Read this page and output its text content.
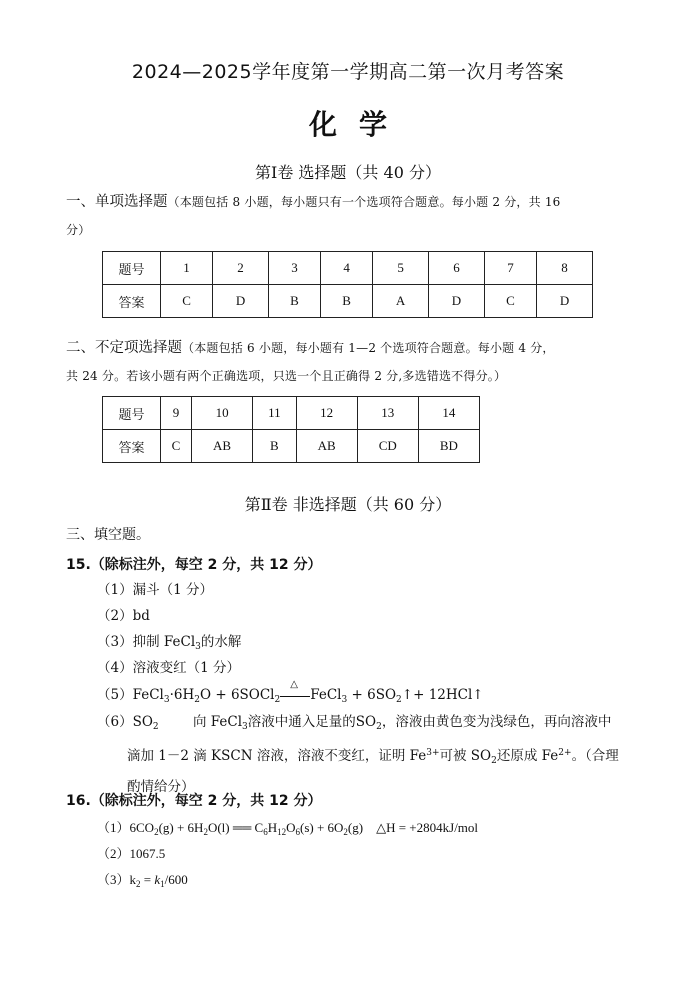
2024—2025学年度第一学期高二第一次月考答案
化学
第Ⅰ卷 选择题（共 40 分）
一、单项选择题（本题包括 8 小题，每小题只有一个选项符合题意。每小题 2 分，共 16
分）
题号	1	2	3	4	5	6	7	8
答案	C	D	B	B	A	D	C	D
二、不定项选择题（本题包括 6 小题，每小题有 1—2 个选项符合题意。每小题 4 分，
共 24 分。若该小题有两个正确选项，只选一个且正确得 2 分,多选错选不得分。）
题号	9	10	11	12	13	14
答案	C	AB	B	AB	CD	BD
第Ⅱ卷 非选择题（共 60 分）
三、填空题。
15.（除标注外，每空 2 分，共 12 分）
（1）漏斗（1 分）
（2）bd
（3）抑制 FeCl$_3$的水解
（4）溶液变红（1 分）
$(5)FeCl_3\cdot 6H_2O$ + 6SOCl$_2$
△
FeCl$_3$ + $6SO_2↑+$ 12HCl↑
$(6)SO_2$	向 FeCl$_3$溶液中通入足量的$SO_2$，溶液由黄色变为浅绿色，再向溶液中
滴加 1－2 滴 KSCN 溶液，溶液不变红，证明 $Fe^{3+}$可被 $SO_2$还原成 $Fe^{2+}$。（合理
酌情给分）
16.（除标注外，每空 2 分，共 12 分）
$(1)6CO_2(g) + 6H_2O(l)$ ══ $C_6H_{12}O_6(s) + 6O_2(g)$    △H = +2804kJ/mol
（2）1067.5
$(3)k_2 = k_1/600$
